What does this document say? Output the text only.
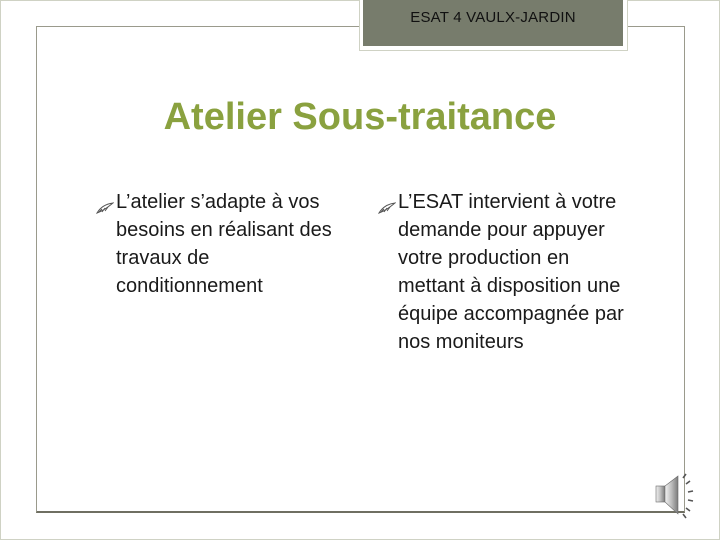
ESAT 4 VAULX-JARDIN
Atelier Sous-traitance
L’atelier s’adapte à vos besoins en réalisant des travaux de conditionnement
L’ESAT intervient à votre demande pour appuyer votre production en mettant à disposition une équipe accompagnée par nos moniteurs
